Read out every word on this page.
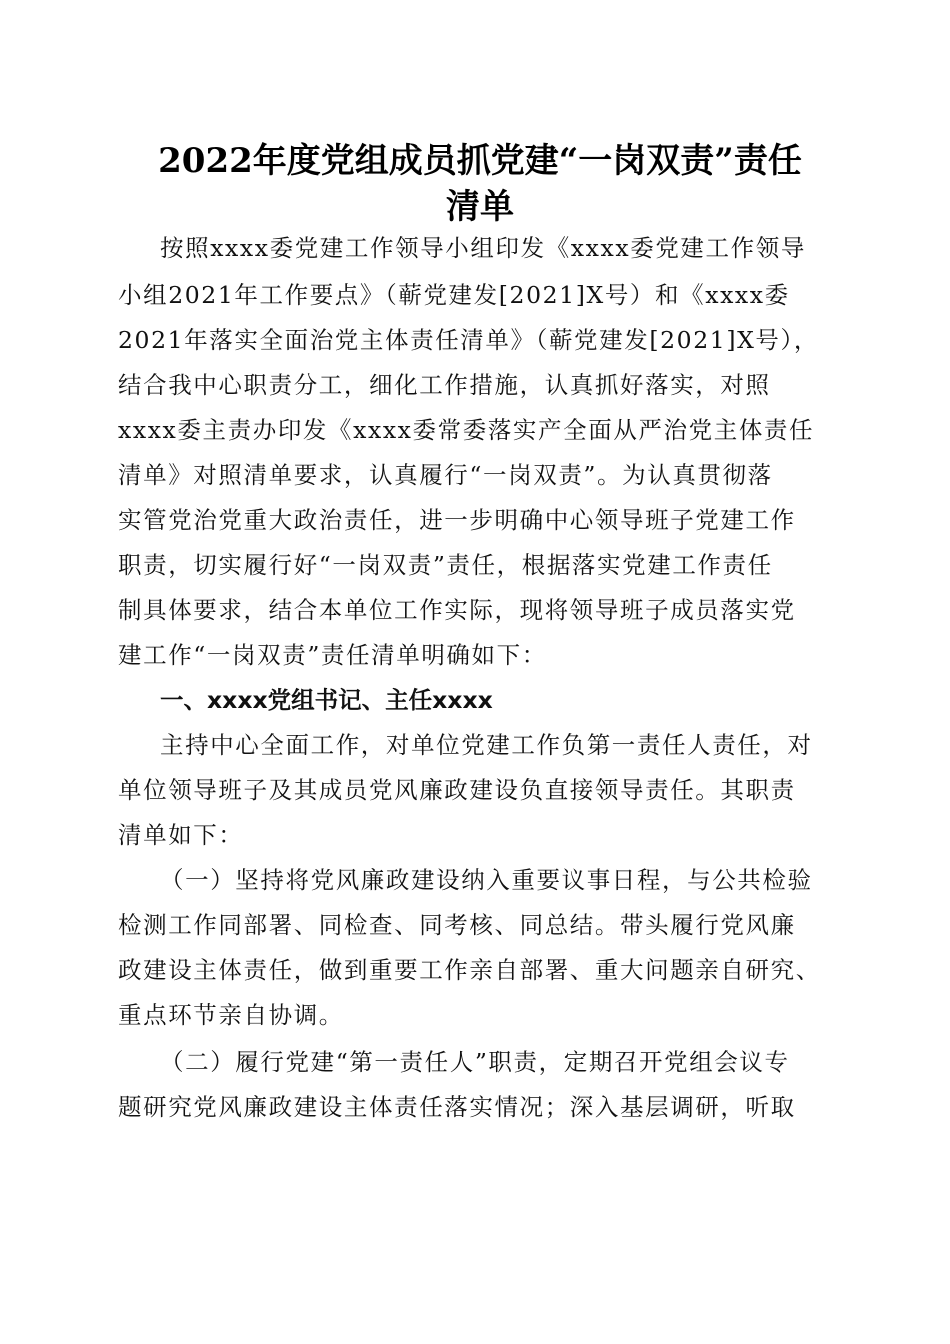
2022年度党组成员抓党建“一岗双责”责任
清单
按照xxxx委党建工作领导小组印发《xxxx委党建工作领导
小组2021年工作要点》（蕲党建发[2021]X号）和《xxxx委
2021年落实全面治党主体责任清单》（蕲党建发[2021]X号），
结合我中心职责分工，细化工作措施，认真抓好落实，对照
xxxx委主责办印发《xxxx委常委落实产全面从严治党主体责任
清单》对照清单要求，认真履行“一岗双责”。为认真贯彻落
实管党治党重大政治责任，进一步明确中心领导班子党建工作
职责，切实履行好“一岗双责”责任，根据落实党建工作责任
制具体要求，结合本单位工作实际，现将领导班子成员落实党
建工作“一岗双责”责任清单明确如下：
一、xxxx党组书记、主任xxxx
主持中心全面工作，对单位党建工作负第一责任人责任，对
单位领导班子及其成员党风廉政建设负直接领导责任。其职责
清单如下：
（一）坚持将党风廉政建设纳入重要议事日程，与公共检验
检测工作同部署、同检查、同考核、同总结。带头履行党风廉
政建设主体责任，做到重要工作亲自部署、重大问题亲自研究、
重点环节亲自协调。
（二）履行党建“第一责任人”职责，定期召开党组会议专
题研究党风廉政建设主体责任落实情况；深入基层调研，听取
